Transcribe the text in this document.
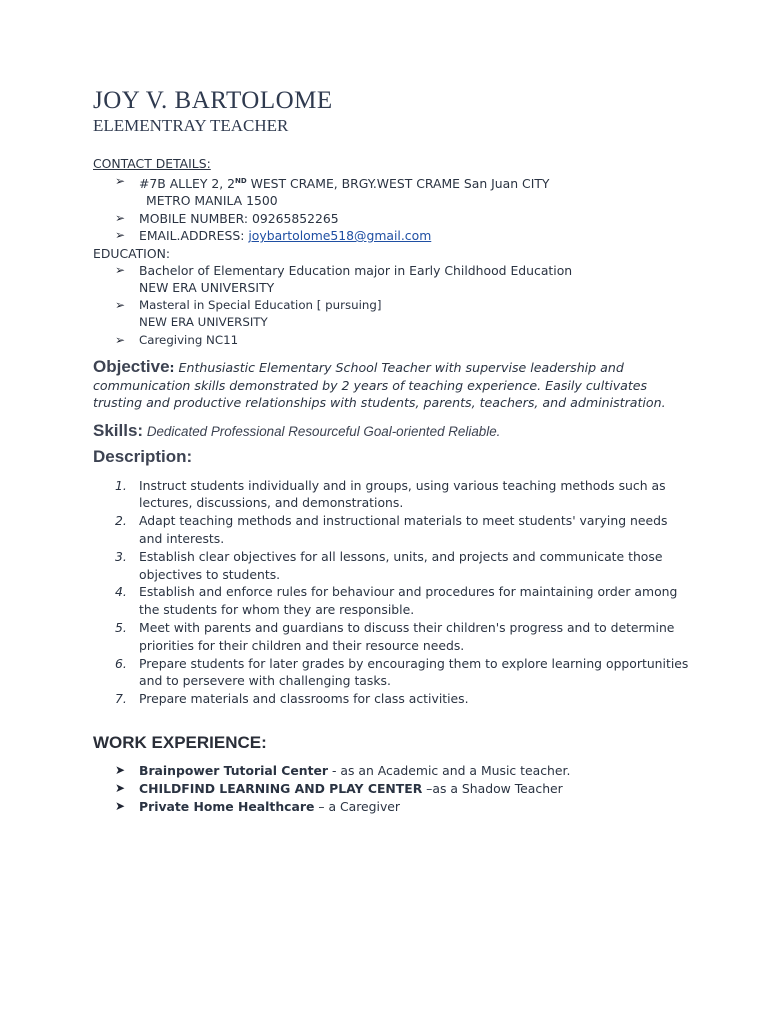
JOY V. BARTOLOME
ELEMENTRAY TEACHER
CONTACT DETAILS:
➢ #7B ALLEY 2, 2ND WEST CRAME, BRGY.WEST CRAME San Juan CITY
METRO MANILA 1500
➢ MOBILE NUMBER: 09265852265
➢ EMAIL.ADDRESS: joybartolome518@gmail.com
EDUCATION:
➢ Bachelor of Elementary Education major in Early Childhood Education
NEW ERA UNIVERSITY
➢ Masteral in Special Education [ pursuing]
NEW ERA UNIVERSITY
➢ Caregiving NC11
Objective: Enthusiastic Elementary School Teacher with supervise leadership and communication skills demonstrated by 2 years of teaching experience. Easily cultivates trusting and productive relationships with students, parents, teachers, and administration.
Skills: Dedicated Professional Resourceful Goal-oriented Reliable.
Description:
1. Instruct students individually and in groups, using various teaching methods such as lectures, discussions, and demonstrations.
2. Adapt teaching methods and instructional materials to meet students' varying needs and interests.
3. Establish clear objectives for all lessons, units, and projects and communicate those objectives to students.
4. Establish and enforce rules for behaviour and procedures for maintaining order among the students for whom they are responsible.
5. Meet with parents and guardians to discuss their children's progress and to determine priorities for their children and their resource needs.
6. Prepare students for later grades by encouraging them to explore learning opportunities and to persevere with challenging tasks.
7. Prepare materials and classrooms for class activities.
WORK EXPERIENCE:
➤ Brainpower Tutorial Center - as an Academic and a Music teacher.
➤ CHILDFIND LEARNING AND PLAY CENTER –as a Shadow Teacher
➤ Private Home Healthcare – a Caregiver
